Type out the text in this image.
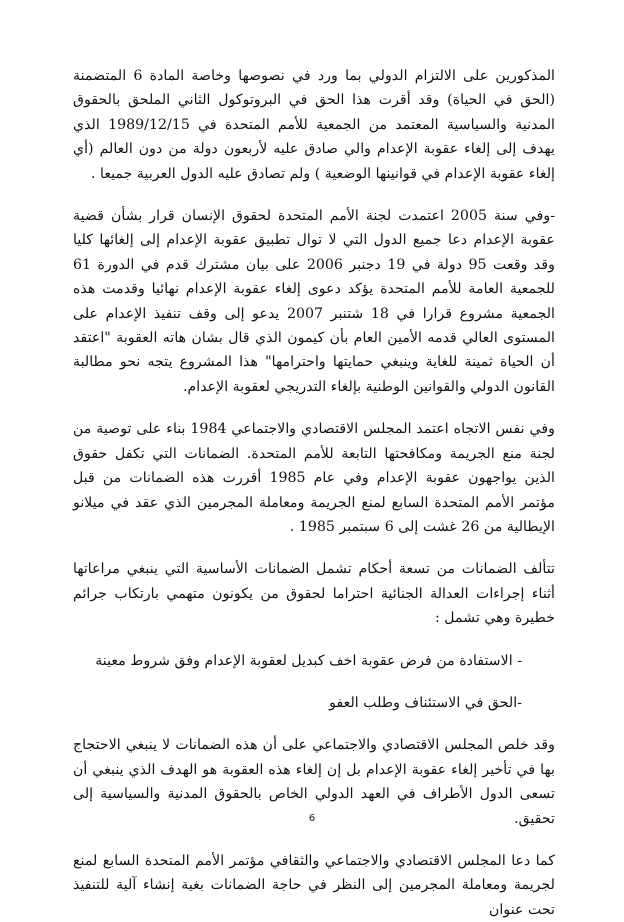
المذكورين على الالتزام الدولي بما ورد في نصوصها وخاصة المادة 6 المتضمنة (الحق في الحياة) وقد أقرت هذا الحق في البروتوكول الثاني الملحق بالحقوق المدنية والسياسية المعتمد من الجمعية للأمم المتحدة في 1989/12/15 الذي يهدف إلى إلغاء عقوبة الإعدام والي صادق عليه لأربعون دولة من دون العالم (أي إلغاء عقوبة الإعدام في قوانينها الوضعية ) ولم تصادق عليه الدول العربية جميعا .

-وفي سنة 2005 اعتمدت لجنة الأمم المتحدة لحقوق الإنسان قرار بشأن قضية عقوبة الإعدام دعا جميع الدول التي لا توال تطبيق عقوبة الإعدام إلى إلغائها كليا وقد وقعت 95 دولة في 19 دجنبر 2006 على بيان مشترك قدم في الدورة 61 للجمعية العامة للأمم المتحدة يؤكد دعوى إلغاء عقوبة الإعدام نهائيا وقدمت هذه الجمعية مشروع قرارا في 18 شتنبر 2007 يدعو إلى وقف تنفيذ الإعدام على المستوى العالي قدمه الأمين العام بأن كيمون الذي قال بشان هاته العقوبة "اعتقد أن الحياة ثمينة للغاية وينبغي حمايتها واحترامها" هذا المشروع يتجه نحو مطالبة القانون الدولي والقوانين الوطنية بإلغاء التدريجي لعقوبة الإعدام.

وفي نفس الاتجاه اعتمد المجلس الاقتصادي والاجتماعي 1984 بناء على توصية من لجنة منع الجريمة ومكافحتها التابعة للأمم المتحدة. الضمانات التي تكفل حقوق الذين يواجهون عقوبة الإعدام وفي عام 1985 أقررت هذه الضمانات من قبل مؤتمر الأمم المتحدة السابع لمنع الجريمة ومعاملة المجرمين الذي عقد في ميلانو الإيطالية من 26 غشت إلى 6 سبتمبر 1985 .

تتألف الضمانات من تسعة أحكام تشمل الضمانات الأساسية التي ينبغي مراعاتها أثناء إجراءات العدالة الجنائية احتراما لحقوق من يكونون متهمي بارتكاب جرائم خطيرة وهي تشمل :

- الاستفادة من فرض عقوبة اخف كبديل لعقوبة الإعدام وفق شروط معينة

-الحق في الاستئناف وطلب العفو

وقد خلص المجلس الاقتصادي والاجتماعي على أن هذه الضمانات لا ينبغي الاحتجاج بها في تأخير إلغاء عقوبة الإعدام بل إن إلغاء هذه العقوبة هو الهدف الذي ينبغي أن تسعى الدول الأطراف في العهد الدولي الخاص بالحقوق المدنية والسياسية إلى تحقيق.

كما دعا المجلس الاقتصادي والاجتماعي والثقافي مؤتمر الأمم المتحدة السابع لمنع لجريمة ومعاملة المجرمين إلى النظر في حاجة الضمانات بغية إنشاء آلية للتنفيذ تحت عنوان

6
